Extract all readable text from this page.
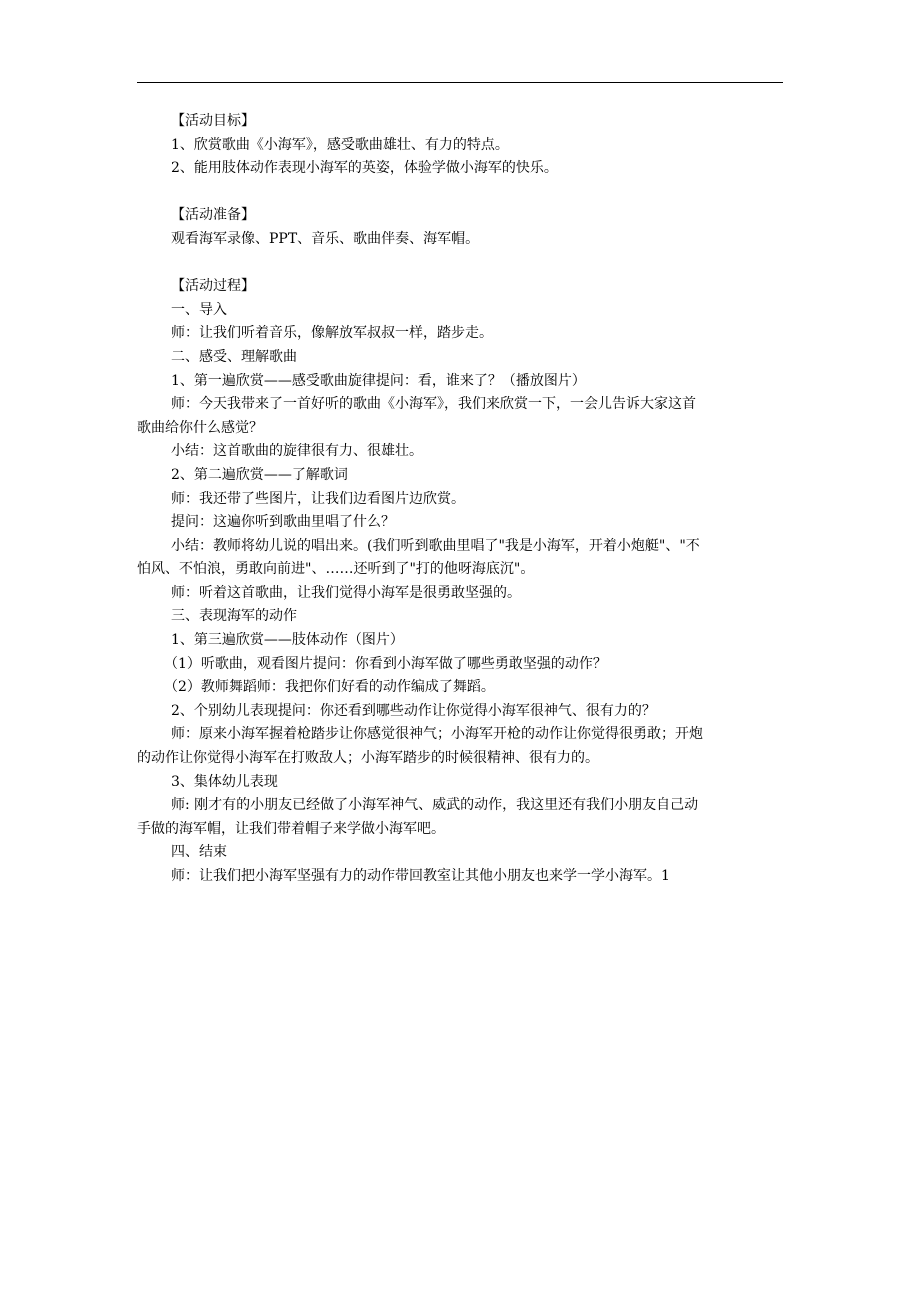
【活动目标】
1、欣赏歌曲《小海军》，感受歌曲雄壮、有力的特点。
2、能用肢体动作表现小海军的英姿，体验学做小海军的快乐。
【活动准备】
观看海军录像、PPT、音乐、歌曲伴奏、海军帽。
【活动过程】
一、导入
师：让我们听着音乐，像解放军叔叔一样，踏步走。
二、感受、理解歌曲
1、第一遍欣赏——感受歌曲旋律提问：看，谁来了？（播放图片）
师：今天我带来了一首好听的歌曲《小海军》，我们来欣赏一下，一会儿告诉大家这首
歌曲给你什么感觉？
小结：这首歌曲的旋律很有力、很雄壮。
2、第二遍欣赏——了解歌词
师：我还带了些图片，让我们边看图片边欣赏。
提问：这遍你听到歌曲里唱了什么？
小结：教师将幼儿说的唱出来。(我们听到歌曲里唱了"我是小海军，开着小炮艇"、"不
怕风、不怕浪，勇敢向前进"、……还听到了"打的他呀海底沉"。
师：听着这首歌曲，让我们觉得小海军是很勇敢坚强的。
三、表现海军的动作
1、第三遍欣赏——肢体动作（图片）
（1）听歌曲，观看图片提问：你看到小海军做了哪些勇敢坚强的动作？
（2）教师舞蹈师：我把你们好看的动作编成了舞蹈。
2、个别幼儿表现提问：你还看到哪些动作让你觉得小海军很神气、很有力的？
师：原来小海军握着枪踏步让你感觉很神气；小海军开枪的动作让你觉得很勇敢；开炮
的动作让你觉得小海军在打败敌人；小海军踏步的时候很精神、很有力的。
3、集体幼儿表现
师: 刚才有的小朋友已经做了小海军神气、威武的动作，我这里还有我们小朋友自己动
手做的海军帽，让我们带着帽子来学做小海军吧。
四、结束
师：让我们把小海军坚强有力的动作带回教室让其他小朋友也来学一学小海军。1
